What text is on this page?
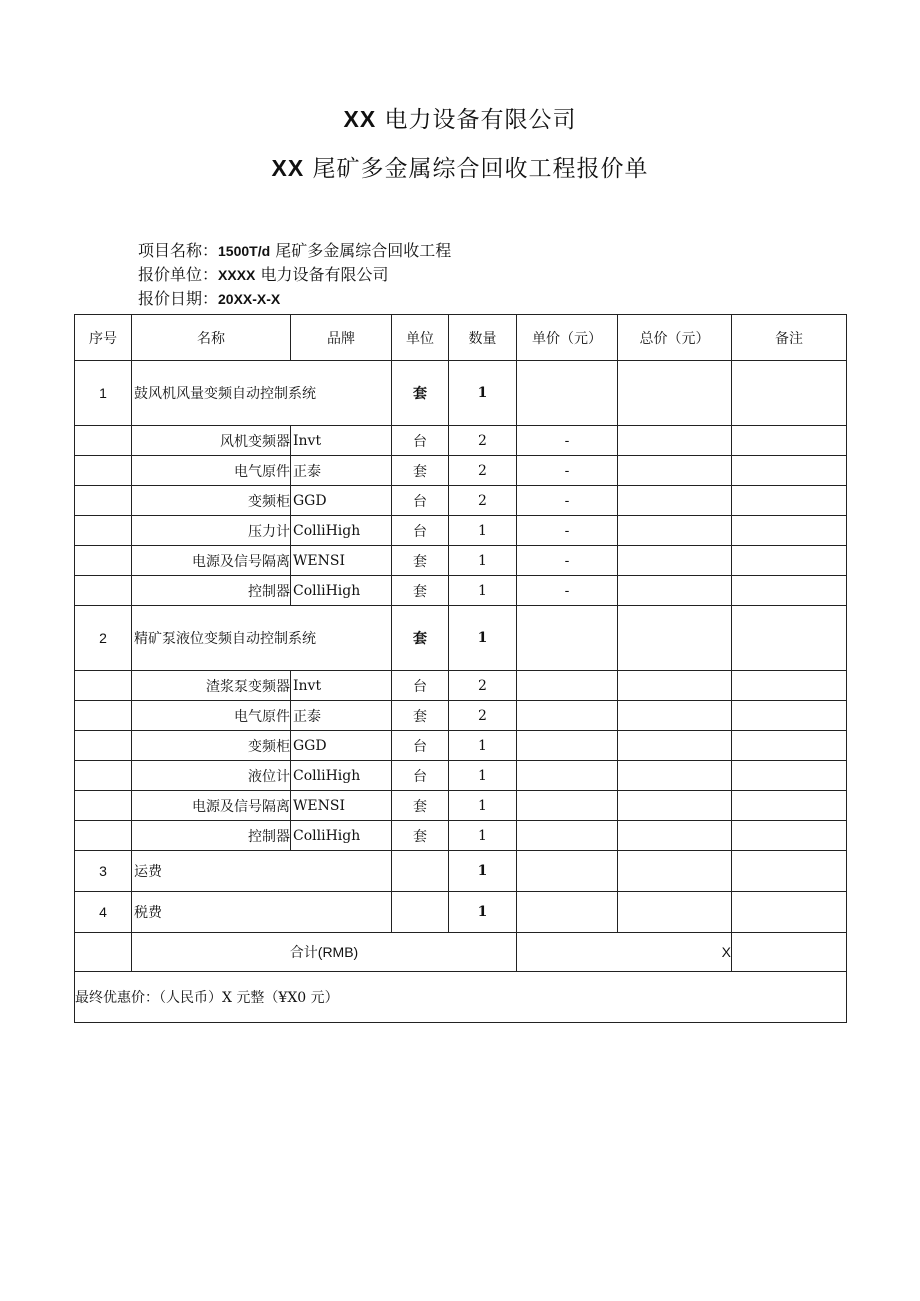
XX 电力设备有限公司
XX 尾矿多金属综合回收工程报价单
项目名称：1500T/d 尾矿多金属综合回收工程
报价单位：XXXX 电力设备有限公司
报价日期：20XX-X-X
序号	名称	品牌	单位	数量	单价（元）	总价（元）	备注
1	鼓风机风量变频自动控制系统		套	1			
	风机变频器	Invt	台	2	-		
	电气原件	正泰	套	2	-		
	变频柜	GGD	台	2	-		
	压力计	ColliHigh	台	1	-		
	电源及信号隔离	WENSI	套	1	-		
	控制器	ColliHigh	套	1	-		
2	精矿泵液位变频自动控制系统		套	1			
	渣浆泵变频器	Invt	台	2			
	电气原件	正泰	套	2			
	变频柜	GGD	台	1			
	液位计	ColliHigh	台	1			
	电源及信号隔离	WENSI	套	1			
	控制器	ColliHigh	套	1			
3	运费			1			
4	税费			1			
	合计(RMB)				X		
最终优惠价：（人民币）X 元整（¥X0 元）							
